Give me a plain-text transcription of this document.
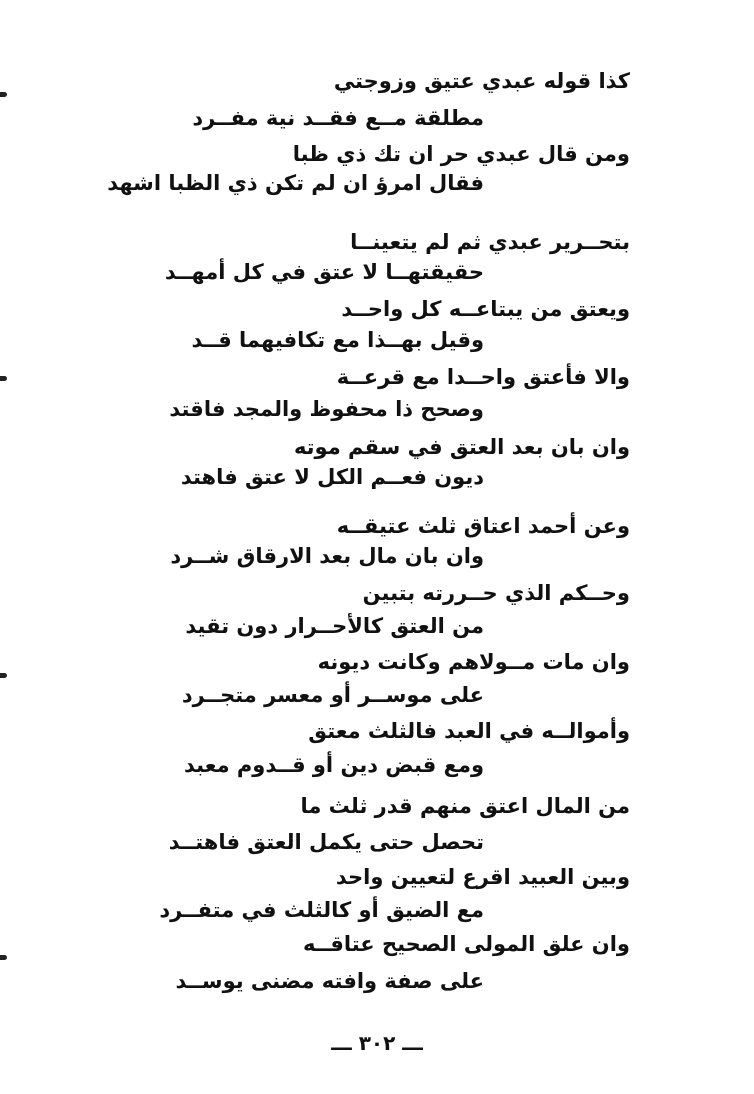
كذا قوله عبدي عتيق وزوجتي
مطلقة مــع فقــد نية مفــرد
ومن قال عبدي حر ان تك ذي ظبا
فقال امرؤ ان لم تكن ذي الظبا اشهد
بتحــرير عبدي ثم لم يتعينــا
حقيقتهــا لا عتق في كل أمهــد
ويعتق من يبتاعــه كل واحــد
وقيل بهــذا مع تكافيهما قــد
والا فأعتق واحــدا مع قرعــة
وصحح ذا محفوظ والمجد فاقتد
وان بان بعد العتق في سقم موته
ديون فعــم الكل لا عتق فاهتد
وعن أحمد اعتاق ثلث عتيقــه
وان بان مال بعد الارقاق شــرد
وحــكم الذي حــررته بتبين
من العتق كالأحــرار دون تقيد
وان مات مــولاهم وكانت ديونه
على موســر أو معسر متجــرد
وأموالــه في العبد فالثلث معتق
ومع قبض دين أو قــدوم معبد
من المال اعتق منهم قدر ثلث ما
تحصل حتى يكمل العتق فاهتــد
وبين العبيد اقرع لتعيين واحد
مع الضيق أو كالثلث في متفــرد
وان علق المولى الصحيح عتاقــه
على صفة وافته مضنى يوســد
ـــ ٣٠٢ ـــ
